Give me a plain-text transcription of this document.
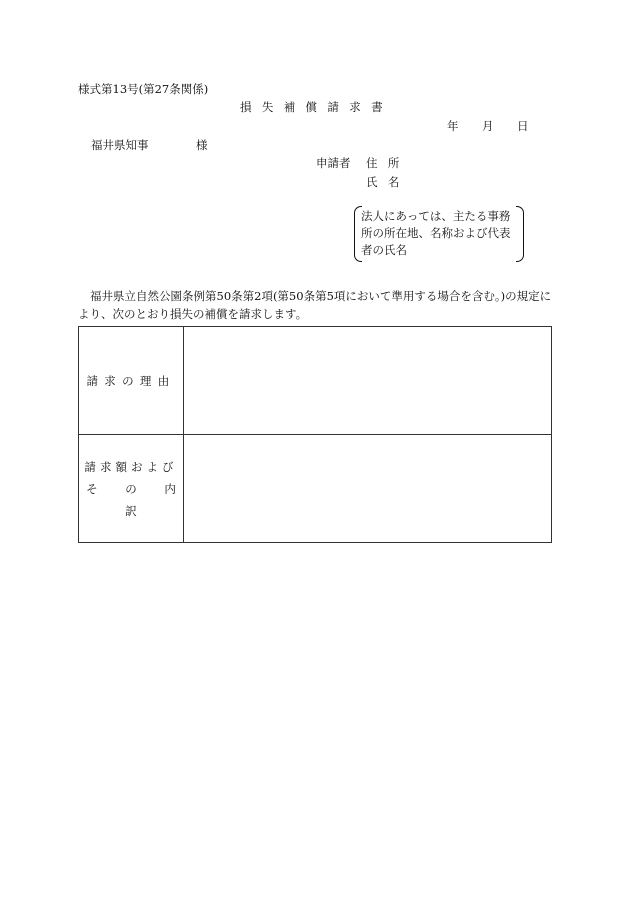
様式第13号(第27条関係)
損失補償請求書
年 月 日
福井県知事	様
申請者 住所
氏名
法人にあっては、主たる事務所の所在地、名称および代表者の氏名
福井県立自然公園条例第50条第2項(第50条第5項において準用する場合を含む。)の規定により、次のとおり損失の補償を請求します。
請求の理由	

請求額および
その内訳	
